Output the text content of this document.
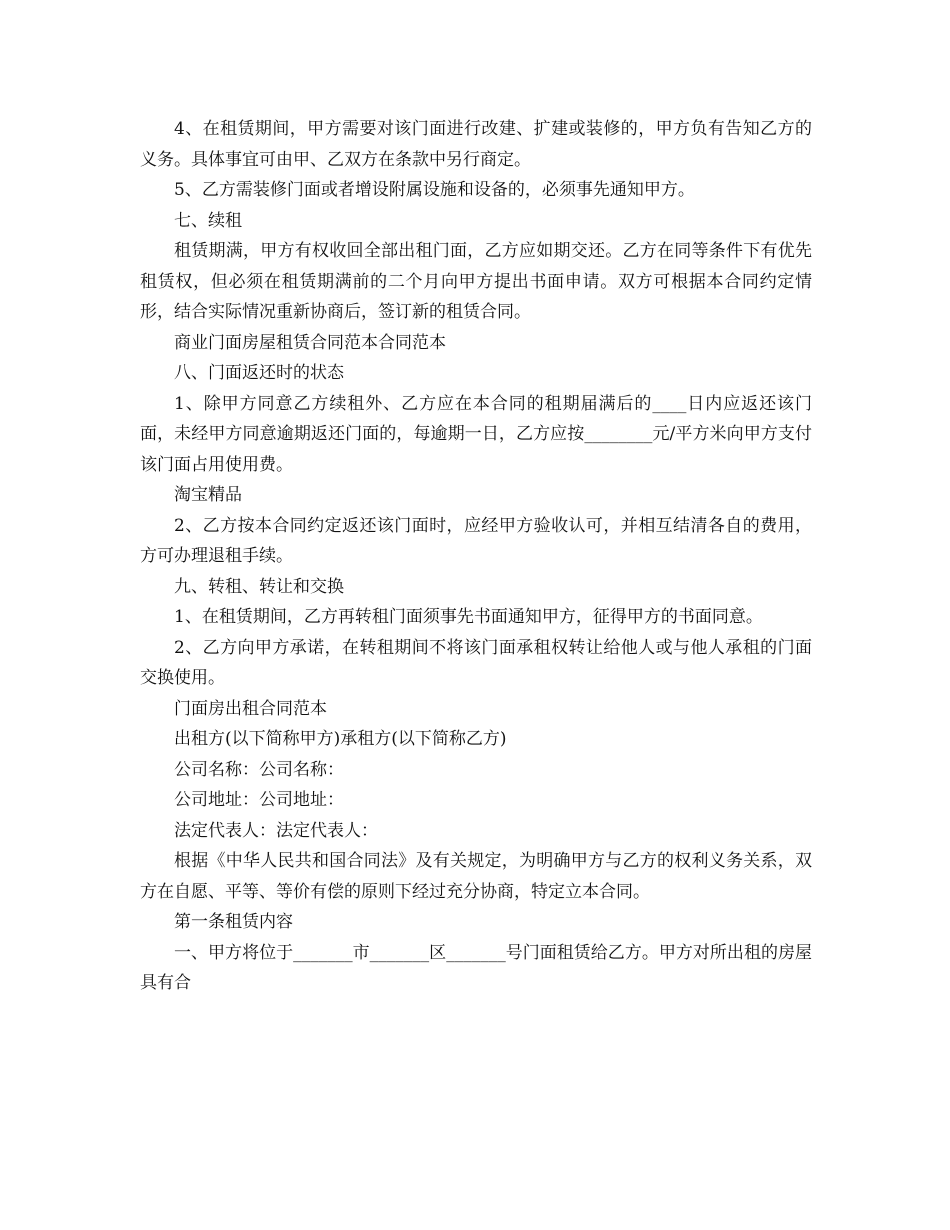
4、在租赁期间，甲方需要对该门面进行改建、扩建或装修的，甲方负有告知乙方的义务。具体事宜可由甲、乙双方在条款中另行商定。

5、乙方需装修门面或者增设附属设施和设备的，必须事先通知甲方。

七、续租

租赁期满，甲方有权收回全部出租门面，乙方应如期交还。乙方在同等条件下有优先租赁权，但必须在租赁期满前的二个月向甲方提出书面申请。双方可根据本合同约定情形，结合实际情况重新协商后，签订新的租赁合同。

商业门面房屋租赁合同范本合同范本

八、门面返还时的状态

1、除甲方同意乙方续租外、乙方应在本合同的租期届满后的____日内应返还该门面，未经甲方同意逾期返还门面的，每逾期一日，乙方应按________元/平方米向甲方支付该门面占用使用费。

淘宝精品

2、乙方按本合同约定返还该门面时，应经甲方验收认可，并相互结清各自的费用，方可办理退租手续。

九、转租、转让和交换

1、在租赁期间，乙方再转租门面须事先书面通知甲方，征得甲方的书面同意。

2、乙方向甲方承诺，在转租期间不将该门面承租权转让给他人或与他人承租的门面交换使用。

门面房出租合同范本

出租方(以下简称甲方)承租方(以下简称乙方)

公司名称：公司名称：

公司地址：公司地址：

法定代表人：法定代表人：

根据《中华人民共和国合同法》及有关规定，为明确甲方与乙方的权利义务关系，双方在自愿、平等、等价有偿的原则下经过充分协商，特定立本合同。

第一条租赁内容

一、甲方将位于_______市_______区_______号门面租赁给乙方。甲方对所出租的房屋具有合
